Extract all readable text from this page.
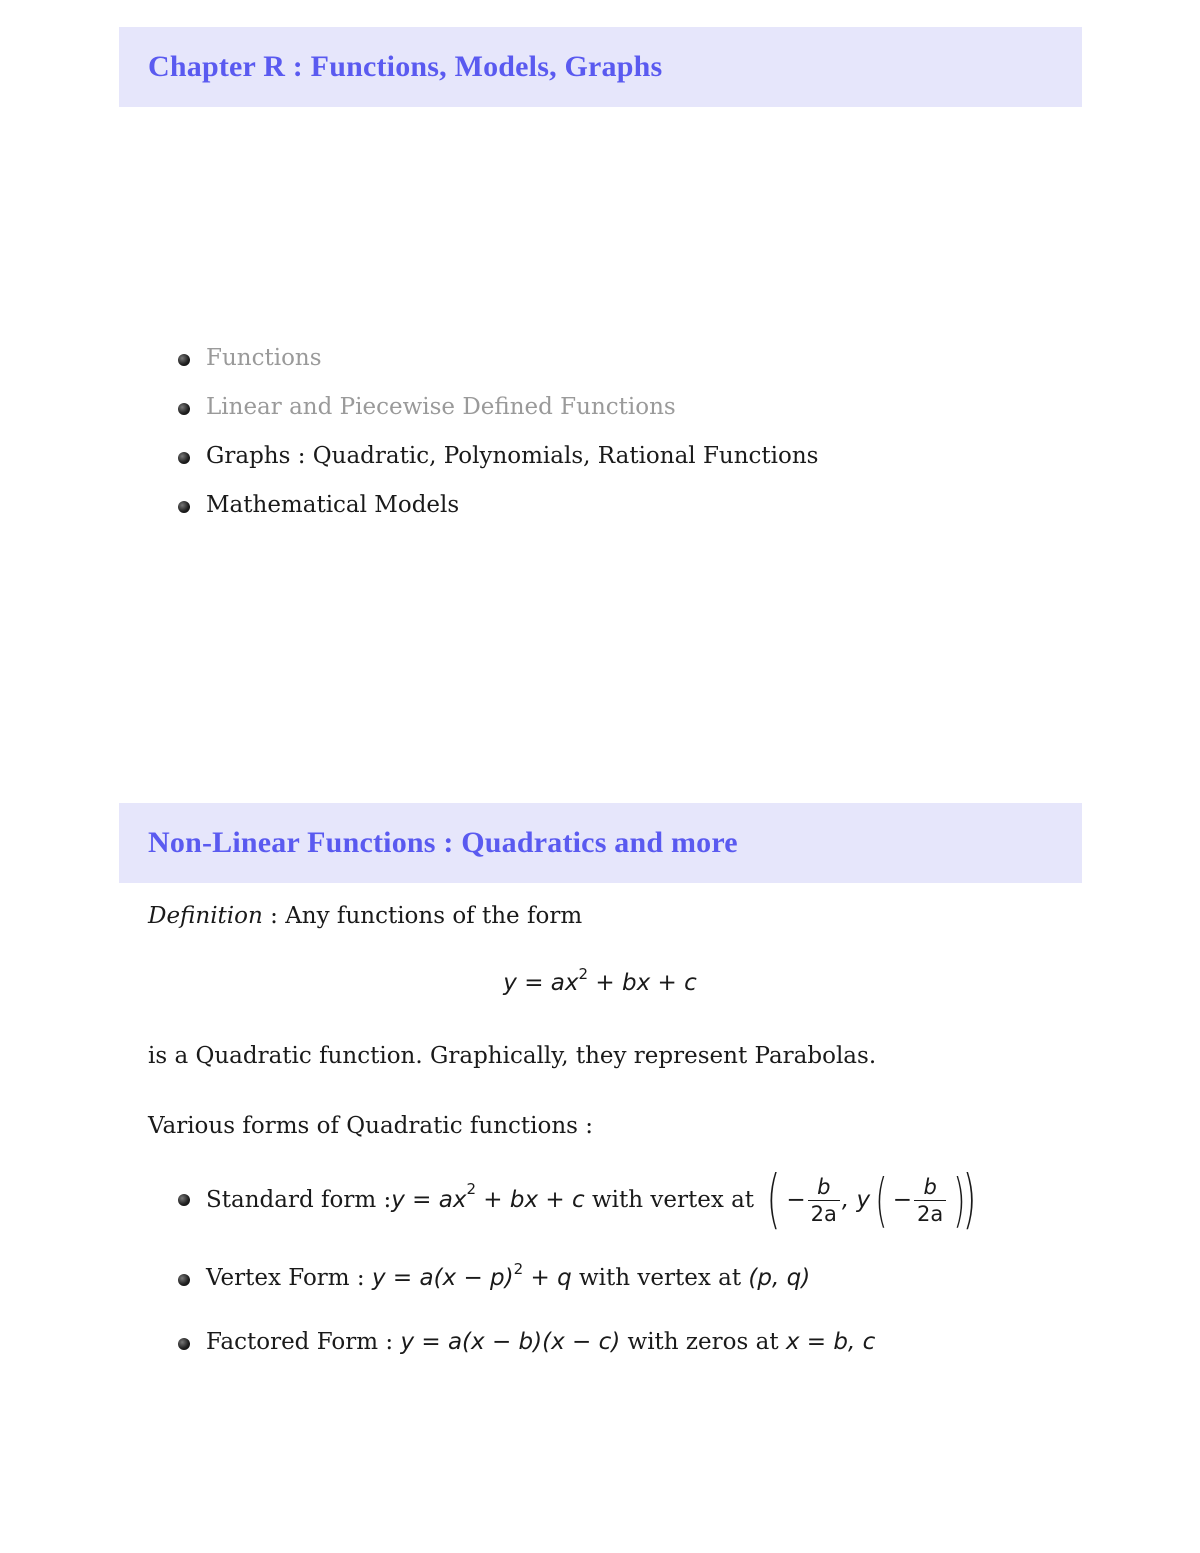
Chapter R : Functions, Models, Graphs
Functions
Linear and Piecewise Defined Functions
Graphs : Quadratic, Polynomials, Rational Functions
Mathematical Models
Non-Linear Functions : Quadratics and more

Definition : Any functions of the form

$y = ax^2$ + bx + c

is a Quadratic function. Graphically, they represent Parabolas.

Various forms of Quadratic functions :

Standard form : y = ax 2 + bx + c with vertex at ( − $\frac{b}{2a}$ , y ( − $\frac{b}{2a}$ )
)
Vertex Form : $y = a(x - p)^2 + q$ with vertex at (p, q)
Factored Form : y = a(x − b)(x − c) with zeros at x = b, c
